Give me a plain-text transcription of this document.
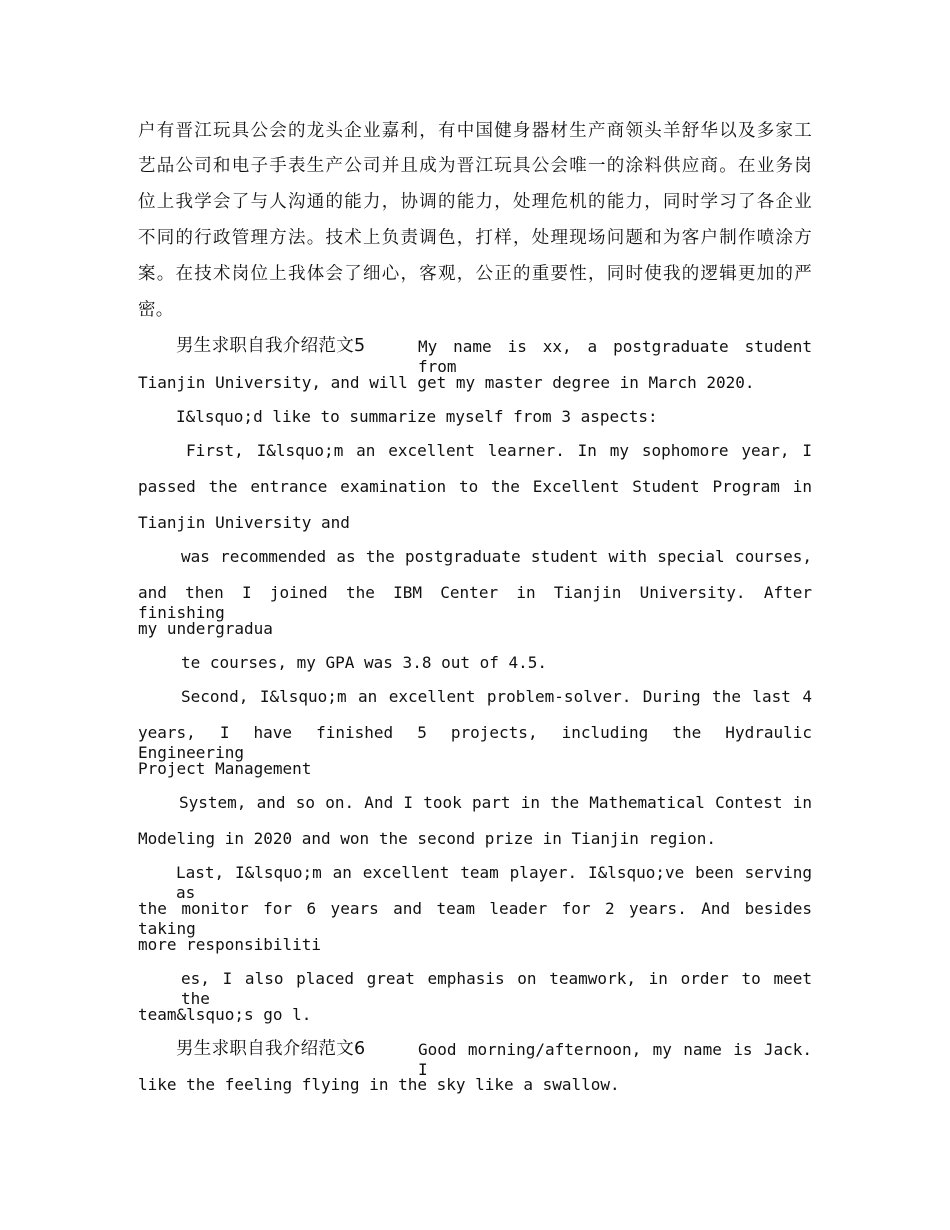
户有晋江玩具公会的龙头企业嘉利，有中国健身器材生产商领头羊舒华以及多家工
艺品公司和电子手表生产公司并且成为晋江玩具公会唯一的涂料供应商。在业务岗
位上我学会了与人沟通的能力，协调的能力，处理危机的能力，同时学习了各企业
不同的行政管理方法。技术上负责调色，打样，处理现场问题和为客户制作喷涂方
案。在技术岗位上我体会了细心，客观，公正的重要性，同时使我的逻辑更加的严
密。
男生求职自我介绍范文5	My name is xx, a postgraduate student from
Tianjin University, and will get my master degree in March 2020.
I&lsquo;d like to summarize myself from 3 aspects:
First, I&lsquo;m an excellent learner. In my sophomore year, I
passed the entrance examination to the Excellent Student Program in
Tianjin University and
was recommended as the postgraduate student with special courses,
and then I joined the IBM Center in Tianjin University. After finishing
my undergradua
te courses, my GPA was 3.8 out of 4.5.
Second, I&lsquo;m an excellent problem-solver. During the last 4
years, I have finished 5 projects, including the Hydraulic Engineering
Project Management
System, and so on. And I took part in the Mathematical Contest in
Modeling in 2020 and won the second prize in Tianjin region.
Last, I&lsquo;m an excellent team player. I&lsquo;ve been serving as
the monitor for 6 years and team leader for 2 years. And besides taking
more responsibiliti
es, I also placed great emphasis on teamwork, in order to meet the
team&lsquo;s go l.
男生求职自我介绍范文6	Good morning/afternoon, my name is Jack. I
like the feeling flying in the sky like a swallow.
